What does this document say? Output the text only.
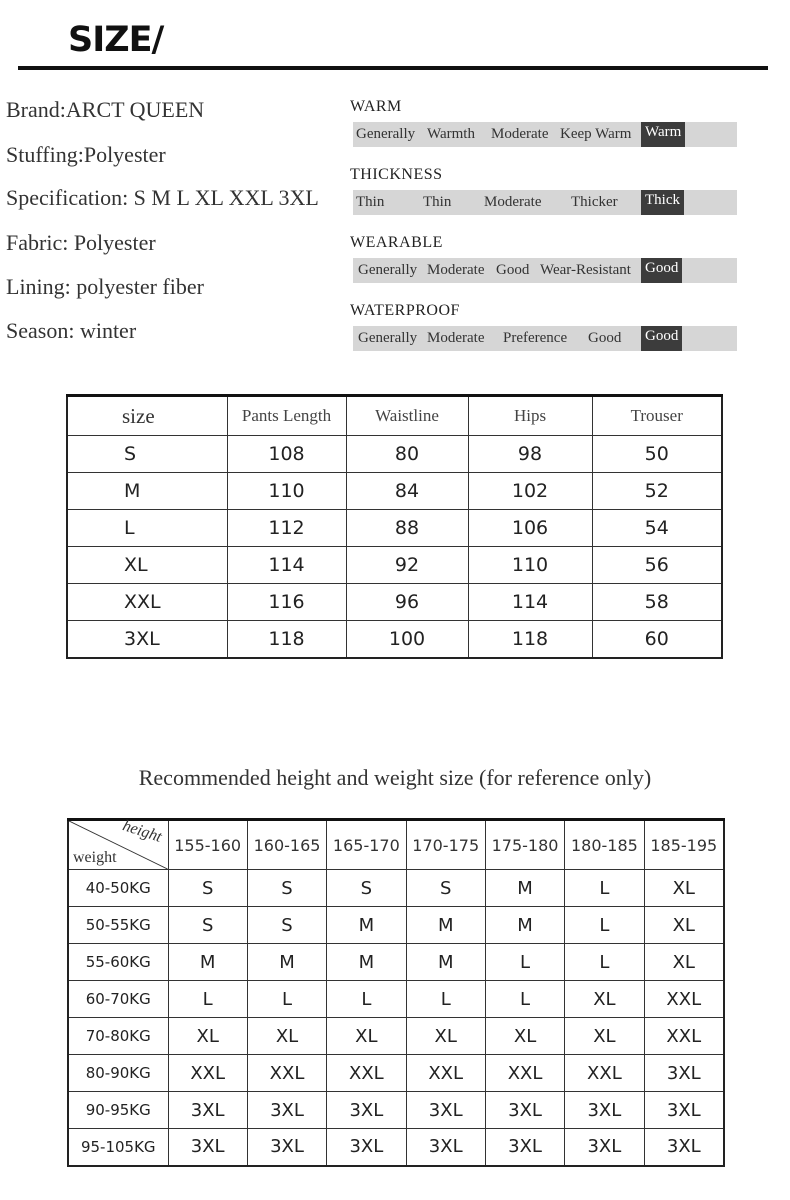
SIZE/
Brand:ARCT QUEEN
Stuffing:Polyester
Specification: S M L XL XXL 3XL
Fabric: Polyester
Lining: polyester fiber
Season: winter
WARM
Generally Warmth Moderate Keep Warm Warm
THICKNESS
Thin	Thin Moderate Thicker Thick
WEARABLE
Generally Moderate Good Wear-Resistant Good
WATERPROOF
Generally Moderate Preference Good Good
size	Pants Length	Waistline	Hips	Trouser
S	108	80	98	50
M	110	84	102	52
L	112	88	106	54
XL	114	92	110	56
XXL	116	96	114	58
3XL	118	100	118	60
Recommended height and weight size (for reference only)
height
weight	155-160	160-165	165-170	170-175	175-180	180-185	185-195
40-50KG	S	S	S	S	M	L	XL
50-55KG	S	S	M	M	M	L	XL
55-60KG	M	M	M	M	L	L	XL
60-70KG	L	L	L	L	L	XL	XXL
70-80KG	XL	XL	XL	XL	XL	XL	XXL
80-90KG	XXL	XXL	XXL	XXL	XXL	XXL	3XL
90-95KG	3XL	3XL	3XL	3XL	3XL	3XL	3XL
95-105KG	3XL	3XL	3XL	3XL	3XL	3XL	3XL
